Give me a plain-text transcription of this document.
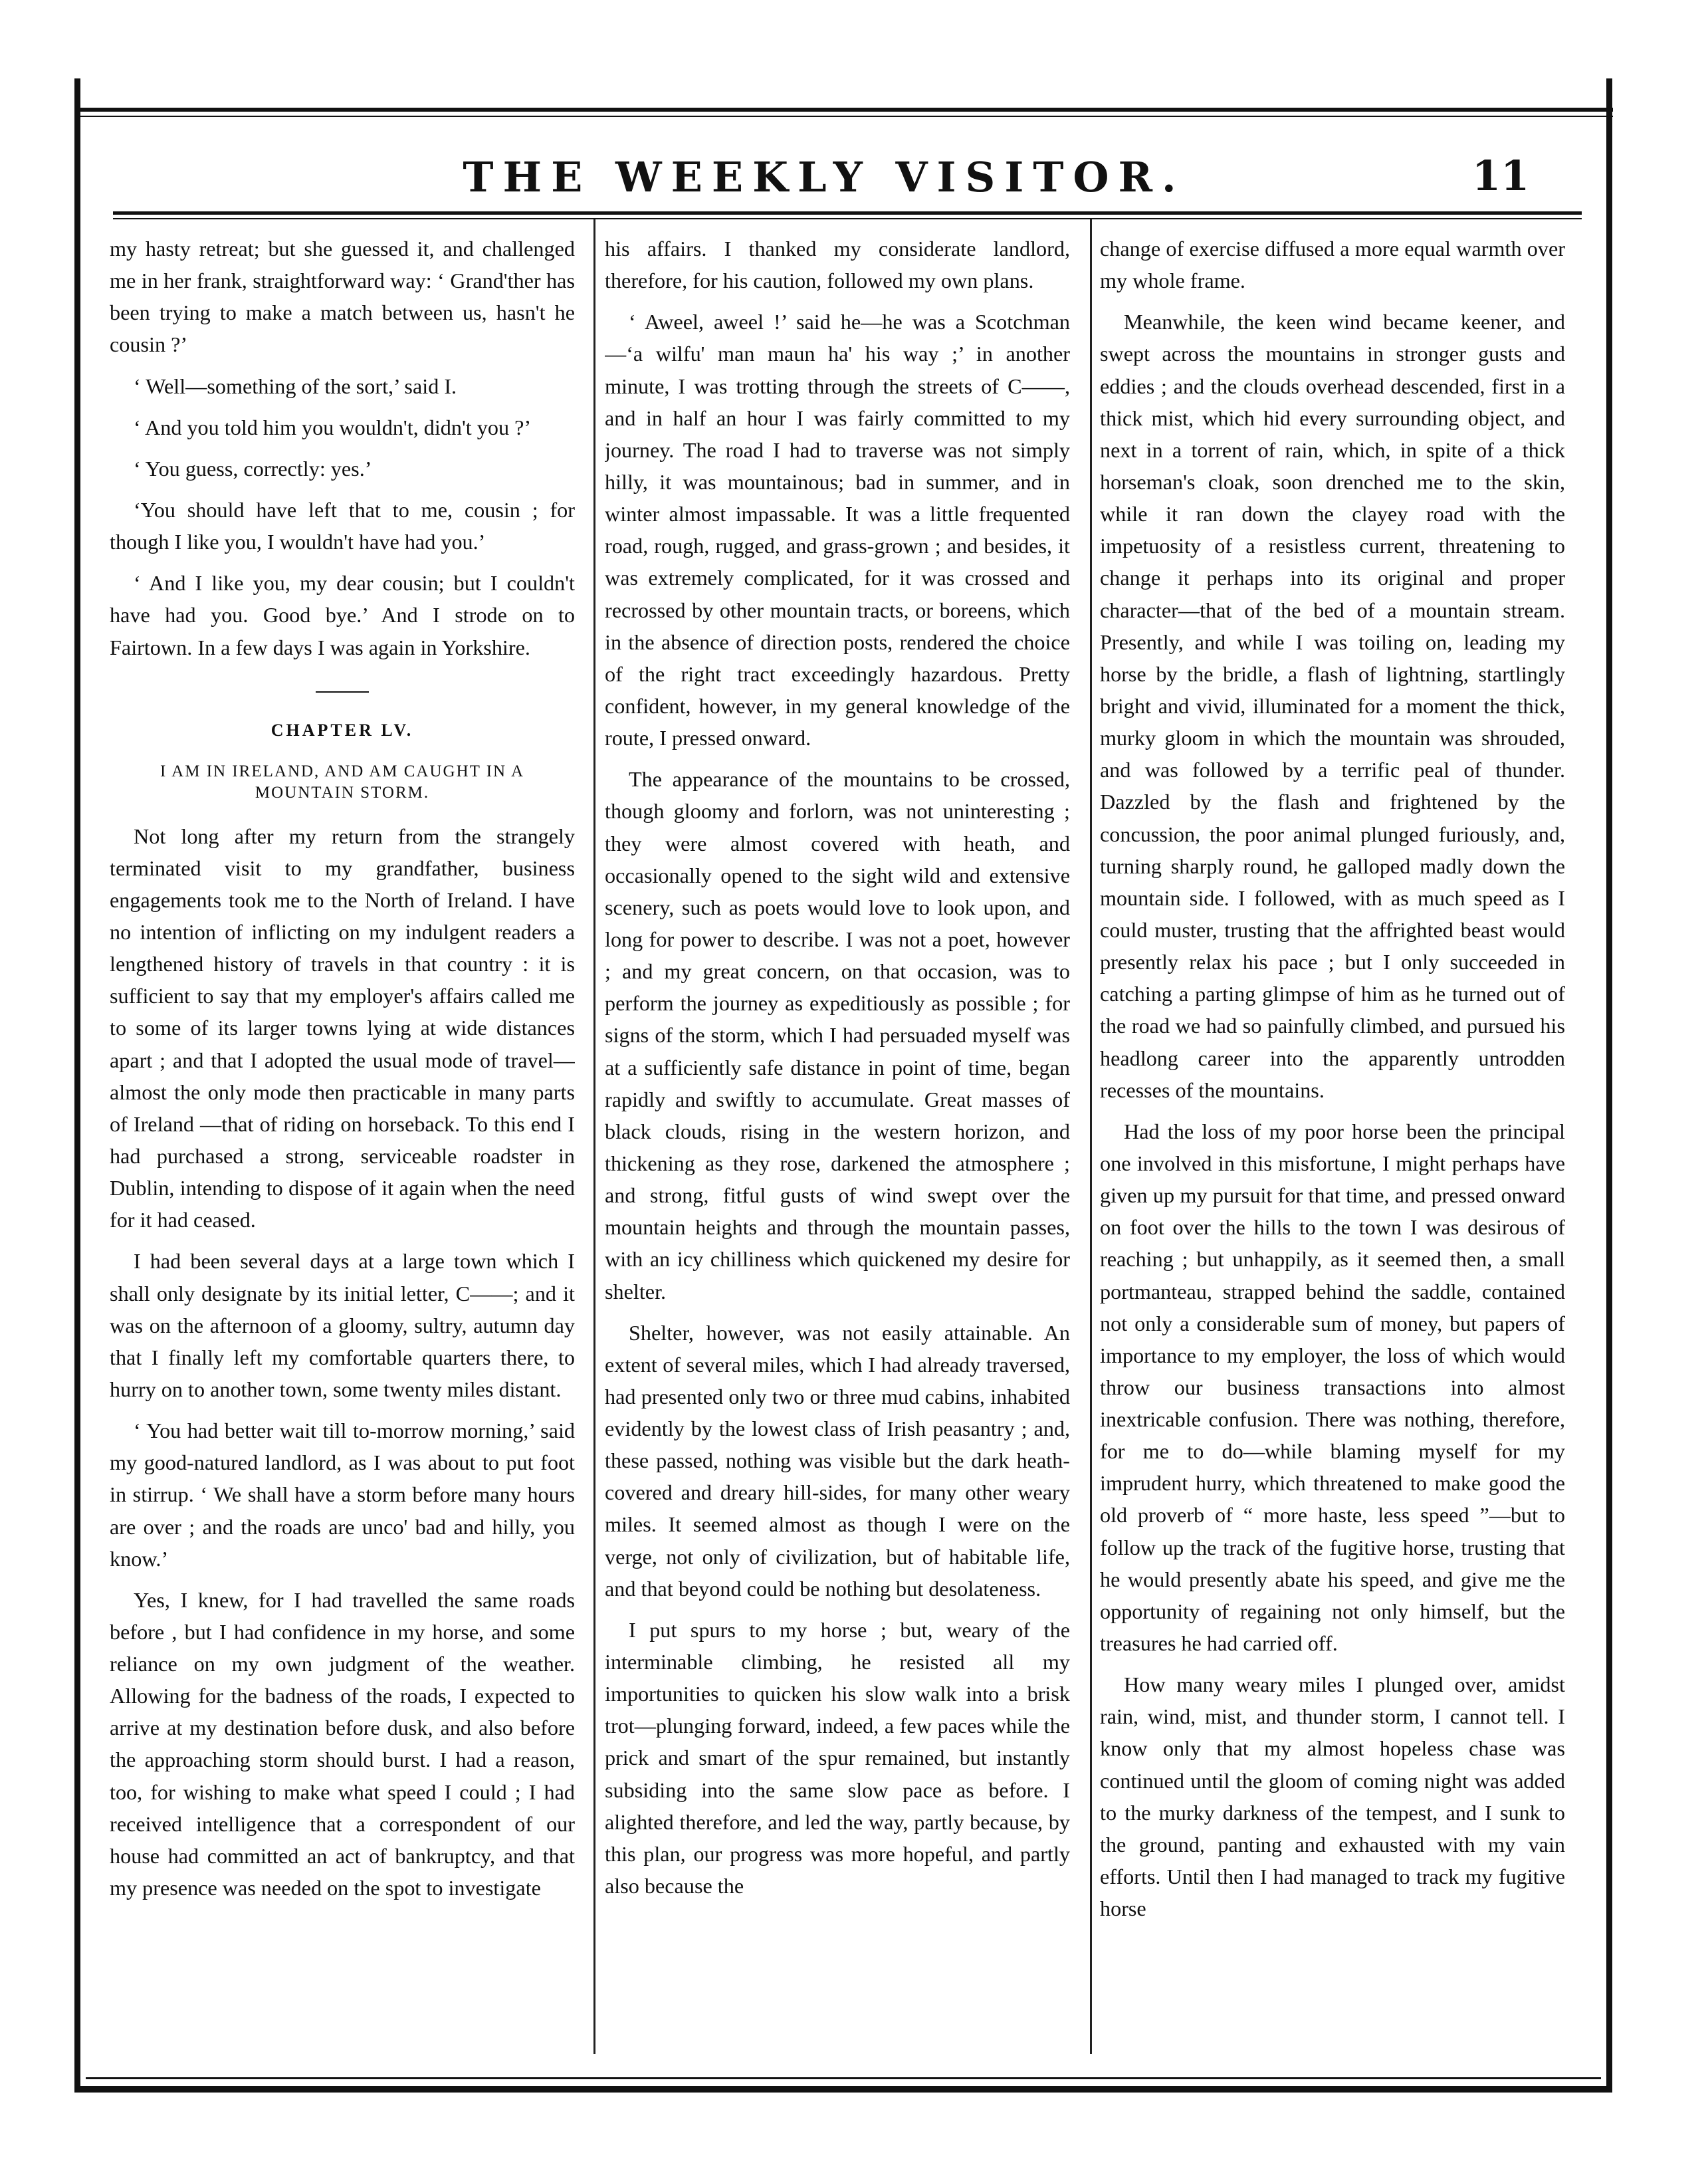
THE WEEKLY VISITOR.	11

my hasty retreat; but she guessed it, and challenged me in her frank, straightforward way: ‘ Grand'ther has been trying to make a match between us, hasn't he cousin ?’

‘ Well—something of the sort,’ said I.

‘ And you told him you wouldn't, didn't you ?’

‘ You guess, correctly: yes.’

‘You should have left that to me, cousin ; for though I like you, I wouldn't have had you.’

‘ And I like you, my dear cousin; but I couldn't have had you. Good bye.’ And I strode on to Fairtown. In a few days I was again in Yorkshire.

CHAPTER LV.
I AM IN IRELAND, AND AM CAUGHT IN A MOUNTAIN STORM.

Not long after my return from the strangely terminated visit to my grandfather, business engagements took me to the North of Ireland. I have no intention of inflicting on my indulgent readers a lengthened history of travels in that country : it is sufficient to say that my employer's affairs called me to some of its larger towns lying at wide distances apart ; and that I adopted the usual mode of travel—almost the only mode then practicable in many parts of Ireland —that of riding on horseback. To this end I had purchased a strong, serviceable roadster in Dublin, intending to dispose of it again when the need for it had ceased.

I had been several days at a large town which I shall only designate by its initial letter, C——; and it was on the afternoon of a gloomy, sultry, autumn day that I finally left my comfortable quarters there, to hurry on to another town, some twenty miles distant.

‘ You had better wait till to-morrow morning,’ said my good-natured landlord, as I was about to put foot in stirrup. ‘ We shall have a storm before many hours are over ; and the roads are unco' bad and hilly, you know.’

Yes, I knew, for I had travelled the same roads before , but I had confidence in my horse, and some reliance on my own judgment of the weather. Allowing for the badness of the roads, I expected to arrive at my destination before dusk, and also before the approaching storm should burst. I had a reason, too, for wishing to make what speed I could ; I had received intelligence that a correspondent of our house had committed an act of bankruptcy, and that my presence was needed on the spot to investigate

his affairs. I thanked my considerate landlord, therefore, for his caution, followed my own plans.

‘ Aweel, aweel !’ said he—he was a Scotchman—‘a wilfu' man maun ha' his way ;’ in another minute, I was trotting through the streets of C——, and in half an hour I was fairly committed to my journey. The road I had to traverse was not simply hilly, it was mountainous; bad in summer, and in winter almost impassable. It was a little frequented road, rough, rugged, and grass-grown ; and besides, it was extremely complicated, for it was crossed and recrossed by other mountain tracts, or boreens, which in the absence of direction posts, rendered the choice of the right tract exceedingly hazardous. Pretty confident, however, in my general knowledge of the route, I pressed onward.

The appearance of the mountains to be crossed, though gloomy and forlorn, was not uninteresting ; they were almost covered with heath, and occasionally opened to the sight wild and extensive scenery, such as poets would love to look upon, and long for power to describe. I was not a poet, however ; and my great concern, on that occasion, was to perform the journey as expeditiously as possible ; for signs of the storm, which I had persuaded myself was at a sufficiently safe distance in point of time, began rapidly and swiftly to accumulate. Great masses of black clouds, rising in the western horizon, and thickening as they rose, darkened the atmosphere ; and strong, fitful gusts of wind swept over the mountain heights and through the mountain passes, with an icy chilliness which quickened my desire for shelter.

Shelter, however, was not easily attainable. An extent of several miles, which I had already traversed, had presented only two or three mud cabins, inhabited evidently by the lowest class of Irish peasantry ; and, these passed, nothing was visible but the dark heath-covered and dreary hill-sides, for many other weary miles. It seemed almost as though I were on the verge, not only of civilization, but of habitable life, and that beyond could be nothing but desolateness.

I put spurs to my horse ; but, weary of the interminable climbing, he resisted all my importunities to quicken his slow walk into a brisk trot—plunging forward, indeed, a few paces while the prick and smart of the spur remained, but instantly subsiding into the same slow pace as before. I alighted therefore, and led the way, partly because, by this plan, our progress was more hopeful, and partly also because the

change of exercise diffused a more equal warmth over my whole frame.

Meanwhile, the keen wind became keener, and swept across the mountains in stronger gusts and eddies ; and the clouds overhead descended, first in a thick mist, which hid every surrounding object, and next in a torrent of rain, which, in spite of a thick horseman's cloak, soon drenched me to the skin, while it ran down the clayey road with the impetuosity of a resistless current, threatening to change it perhaps into its original and proper character—that of the bed of a mountain stream. Presently, and while I was toiling on, leading my horse by the bridle, a flash of lightning, startlingly bright and vivid, illuminated for a moment the thick, murky gloom in which the mountain was shrouded, and was followed by a terrific peal of thunder. Dazzled by the flash and frightened by the concussion, the poor animal plunged furiously, and, turning sharply round, he galloped madly down the mountain side. I followed, with as much speed as I could muster, trusting that the affrighted beast would presently relax his pace ; but I only succeeded in catching a parting glimpse of him as he turned out of the road we had so painfully climbed, and pursued his headlong career into the apparently untrodden recesses of the mountains.

Had the loss of my poor horse been the principal one involved in this misfortune, I might perhaps have given up my pursuit for that time, and pressed onward on foot over the hills to the town I was desirous of reaching ; but unhappily, as it seemed then, a small portmanteau, strapped behind the saddle, contained not only a considerable sum of money, but papers of importance to my employer, the loss of which would throw our business transactions into almost inextricable confusion. There was nothing, therefore, for me to do—while blaming myself for my imprudent hurry, which threatened to make good the old proverb of “ more haste, less speed ”—but to follow up the track of the fugitive horse, trusting that he would presently abate his speed, and give me the opportunity of regaining not only himself, but the treasures he had carried off.

How many weary miles I plunged over, amidst rain, wind, mist, and thunder storm, I cannot tell. I know only that my almost hopeless chase was continued until the gloom of coming night was added to the murky darkness of the tempest, and I sunk to the ground, panting and exhausted with my vain efforts. Until then I had managed to track my fugitive horse
